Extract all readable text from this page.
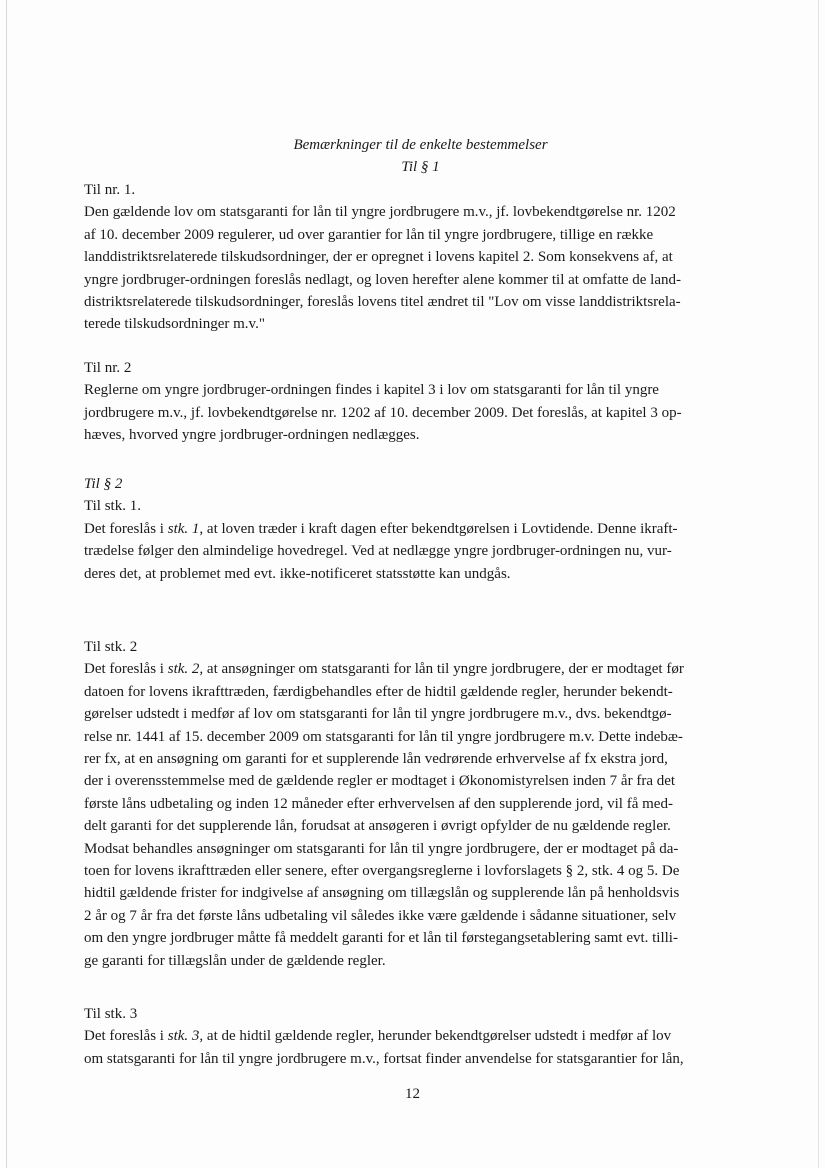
Bemærkninger til de enkelte bestemmelser
Til § 1
Til nr. 1.

Den gældende lov om statsgaranti for lån til yngre jordbrugere m.v., jf. lovbekendtgørelse nr. 1202
af 10. december 2009 regulerer, ud over garantier for lån til yngre jordbrugere, tillige en række
landdistriktsrelaterede tilskudsordninger, der er opregnet i lovens kapitel 2. Som konsekvens af, at
yngre jordbruger-ordningen foreslås nedlagt, og loven herefter alene kommer til at omfatte de land-
distriktsrelaterede tilskudsordninger, foreslås lovens titel ændret til "Lov om visse landdistriktsrela-
terede tilskudsordninger m.v."

Til nr. 2

Reglerne om yngre jordbruger-ordningen findes i kapitel 3 i lov om statsgaranti for lån til yngre
jordbrugere m.v., jf. lovbekendtgørelse nr. 1202 af 10. december 2009. Det foreslås, at kapitel 3 op-
hæves, hvorved yngre jordbruger-ordningen nedlægges.

Til § 2
Til stk. 1.

Det foreslås i stk. 1, at loven træder i kraft dagen efter bekendtgørelsen i Lovtidende. Denne ikraft-
trædelse følger den almindelige hovedregel. Ved at nedlægge yngre jordbruger-ordningen nu, vur-
deres det, at problemet med evt. ikke-notificeret statsstøtte kan undgås.

Til stk. 2

Det foreslås i stk. 2, at ansøgninger om statsgaranti for lån til yngre jordbrugere, der er modtaget før
datoen for lovens ikrafttræden, færdigbehandles efter de hidtil gældende regler, herunder bekendt-
gørelser udstedt i medfør af lov om statsgaranti for lån til yngre jordbrugere m.v., dvs. bekendtgø-
relse nr. 1441 af 15. december 2009 om statsgaranti for lån til yngre jordbrugere m.v. Dette indebæ-
rer fx, at en ansøgning om garanti for et supplerende lån vedrørende erhvervelse af fx ekstra jord,
der i overensstemmelse med de gældende regler er modtaget i Økonomistyrelsen inden 7 år fra det
første låns udbetaling og inden 12 måneder efter erhvervelsen af den supplerende jord, vil få med-
delt garanti for det supplerende lån, forudsat at ansøgeren i øvrigt opfylder de nu gældende regler.
Modsat behandles ansøgninger om statsgaranti for lån til yngre jordbrugere, der er modtaget på da-
toen for lovens ikrafttræden eller senere, efter overgangsreglerne i lovforslagets § 2, stk. 4 og 5. De
hidtil gældende frister for indgivelse af ansøgning om tillægslån og supplerende lån på henholdsvis
2 år og 7 år fra det første låns udbetaling vil således ikke være gældende i sådanne situationer, selv
om den yngre jordbruger måtte få meddelt garanti for et lån til førstegangsetablering samt evt. tilli-
ge garanti for tillægslån under de gældende regler.

Til stk. 3

Det foreslås i stk. 3, at de hidtil gældende regler, herunder bekendtgørelser udstedt i medfør af lov
om statsgaranti for lån til yngre jordbrugere m.v., fortsat finder anvendelse for statsgarantier for lån,

12
